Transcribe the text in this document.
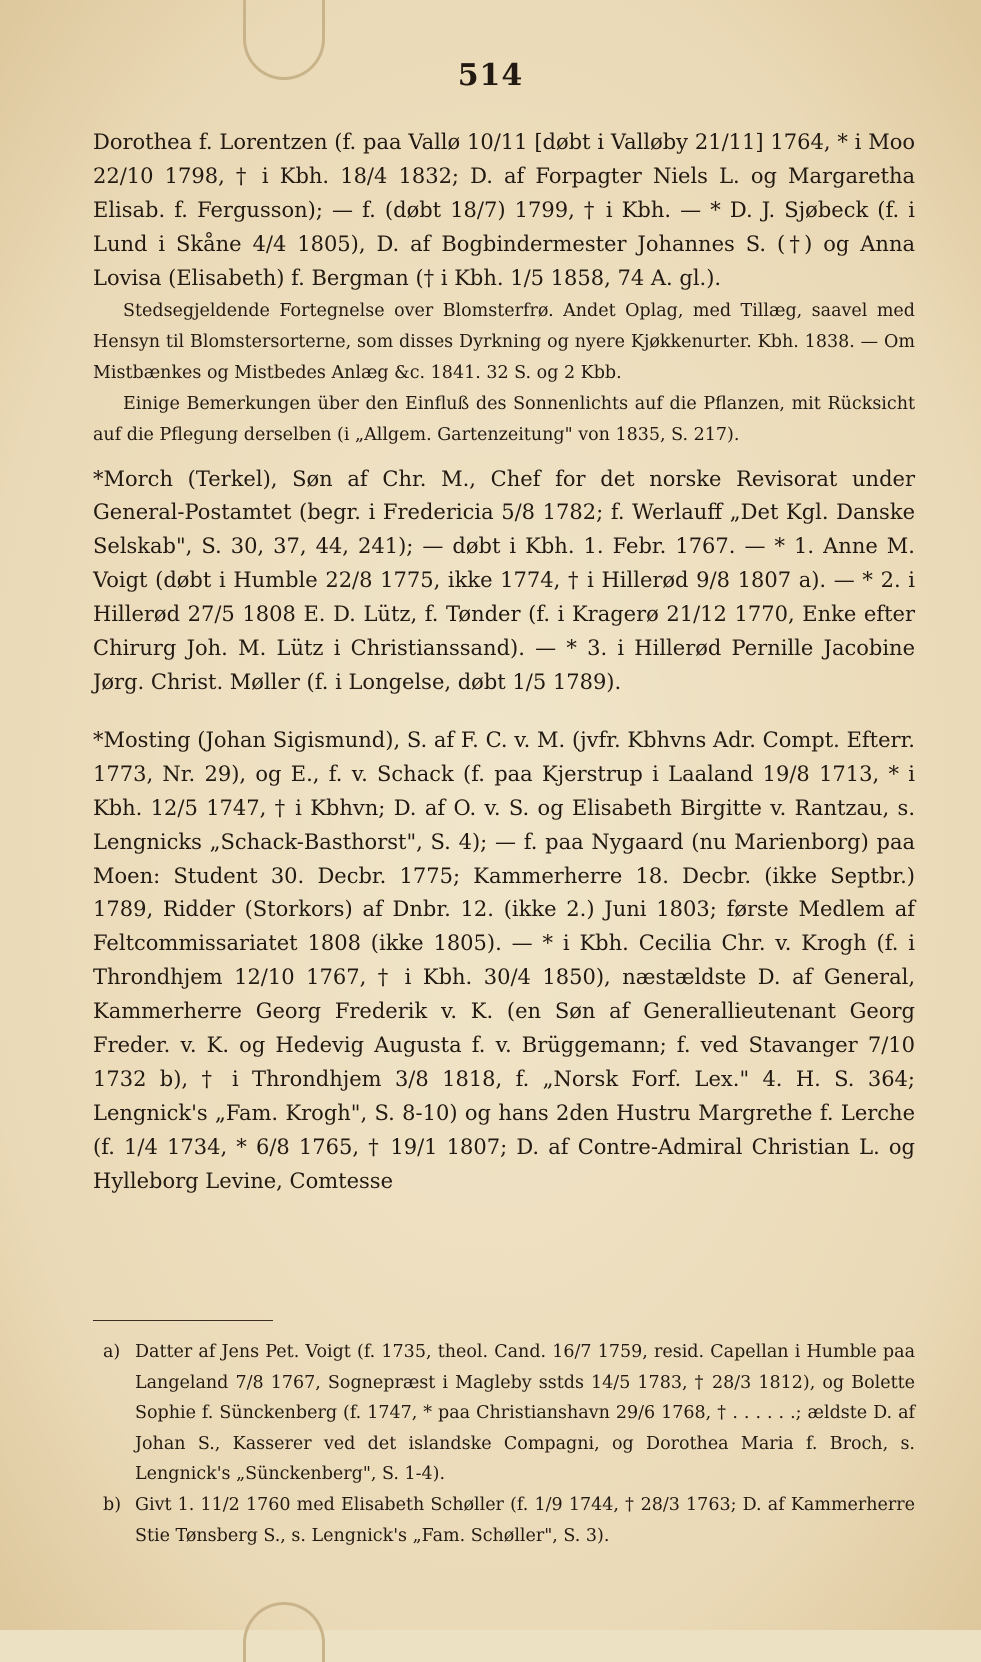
514

Dorothea f. Lorentzen (f. paa Vallø 10/11 [døbt i Valløby 21/11] 1764, * i Moo 22/10 1798, † i Kbh. 18/4 1832; D. af Forpagter Niels L. og Margaretha Elisab. f. Fergusson); — f. (døbt 18/7) 1799, † i Kbh. — * D. J. Sjøbeck (f. i Lund i Skåne 4/4 1805), D. af Bogbindermester Johannes S. (†) og Anna Lovisa (Elisabeth) f. Bergman († i Kbh. 1/5 1858, 74 A. gl.).

Stedsegjeldende Fortegnelse over Blomsterfrø. Andet Oplag, med Tillæg, saavel med Hensyn til Blomstersorterne, som disses Dyrkning og nyere Kjøkkenurter. Kbh. 1838. — Om Mistbænkes og Mistbedes Anlæg &c. 1841. 32 S. og 2 Kbb.

Einige Bemerkungen über den Einfluß des Sonnenlichts auf die Pflanzen, mit Rücksicht auf die Pflegung derselben (i „Allgem. Gartenzeitung" von 1835, S. 217).

*Morch (Terkel), Søn af Chr. M., Chef for det norske Revisorat under General-Postamtet (begr. i Fredericia 5/8 1782; f. Werlauff „Det Kgl. Danske Selskab", S. 30, 37, 44, 241); — døbt i Kbh. 1. Febr. 1767. — * 1. Anne M. Voigt (døbt i Humble 22/8 1775, ikke 1774, † i Hillerød 9/8 1807 a). — * 2. i Hillerød 27/5 1808 E. D. Lütz, f. Tønder (f. i Kragerø 21/12 1770, Enke efter Chirurg Joh. M. Lütz i Christianssand). — * 3. i Hillerød Pernille Jacobine Jørg. Christ. Møller (f. i Longelse, døbt 1/5 1789).

*Mosting (Johan Sigismund), S. af F. C. v. M. (jvfr. Kbhvns Adr. Compt. Efterr. 1773, Nr. 29), og E., f. v. Schack (f. paa Kjerstrup i Laaland 19/8 1713, * i Kbh. 12/5 1747, † i Kbhvn; D. af O. v. S. og Elisabeth Birgitte v. Rantzau, s. Lengnicks „Schack-Basthorst", S. 4); — f. paa Nygaard (nu Marienborg) paa Moen: Student 30. Decbr. 1775; Kammerherre 18. Decbr. (ikke Septbr.) 1789, Ridder (Storkors) af Dnbr. 12. (ikke 2.) Juni 1803; første Medlem af Feltcommissariatet 1808 (ikke 1805). — * i Kbh. Cecilia Chr. v. Krogh (f. i Throndhjem 12/10 1767, † i Kbh. 30/4 1850), næstældste D. af General, Kammerherre Georg Frederik v. K. (en Søn af Generallieutenant Georg Freder. v. K. og Hedevig Augusta f. v. Brüggemann; f. ved Stavanger 7/10 1732 b), † i Throndhjem 3/8 1818, f. „Norsk Forf. Lex." 4. H. S. 364; Lengnick's „Fam. Krogh", S. 8-10) og hans 2den Hustru Margrethe f. Lerche (f. 1/4 1734, * 6/8 1765, † 19/1 1807; D. af Contre-Admiral Christian L. og Hylleborg Levine, Comtesse

a) Datter af Jens Pet. Voigt (f. 1735, theol. Cand. 16/7 1759, resid. Capellan i Humble paa Langeland 7/8 1767, Sognepræst i Magleby sstds 14/5 1783, † 28/3 1812), og Bolette Sophie f. Sünckenberg (f. 1747, * paa Christianshavn 29/6 1768, † . . . . . .; ældste D. af Johan S., Kasserer ved det islandske Compagni, og Dorothea Maria f. Broch, s. Lengnick's „Sünckenberg", S. 1-4).
b) Givt 1. 11/2 1760 med Elisabeth Schøller (f. 1/9 1744, † 28/3 1763; D. af Kammerherre Stie Tønsberg S., s. Lengnick's „Fam. Schøller", S. 3).
